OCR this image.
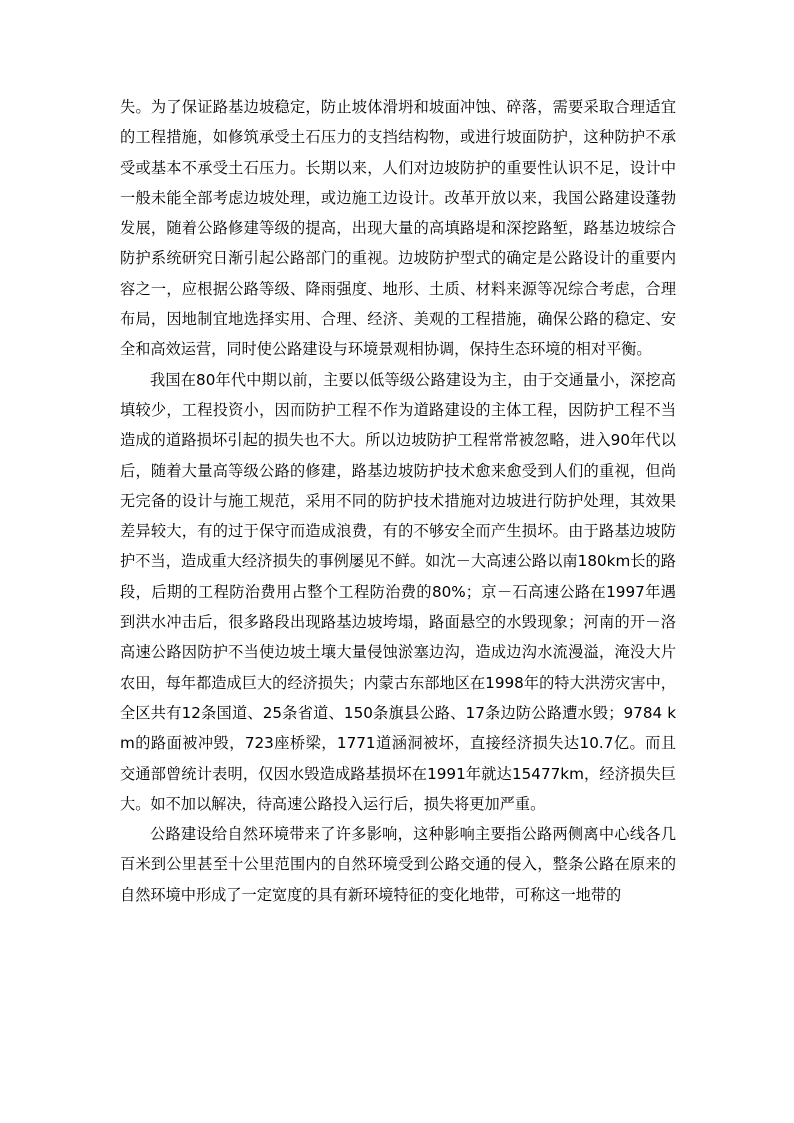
失。为了保证路基边坡稳定，防止坡体滑坍和坡面冲蚀、碎落，需要采取合理适宜的工程措施，如修筑承受土石压力的支挡结构物，或进行坡面防护，这种防护不承受或基本不承受土石压力。长期以来，人们对边坡防护的重要性认识不足，设计中一般未能全部考虑边坡处理，或边施工边设计。改革开放以来，我国公路建设蓬勃发展，随着公路修建等级的提高，出现大量的高填路堤和深挖路堑，路基边坡综合防护系统研究日渐引起公路部门的重视。边坡防护型式的确定是公路设计的重要内容之一，应根据公路等级、降雨强度、地形、土质、材料来源等况综合考虑，合理布局，因地制宜地选择实用、合理、经济、美观的工程措施，确保公路的稳定、安全和高效运营，同时使公路建设与环境景观相协调，保持生态环境的相对平衡。

我国在80年代中期以前，主要以低等级公路建设为主，由于交通量小，深挖高填较少，工程投资小，因而防护工程不作为道路建设的主体工程，因防护工程不当造成的道路损坏引起的损失也不大。所以边坡防护工程常常被忽略，进入90年代以后，随着大量高等级公路的修建，路基边坡防护技术愈来愈受到人们的重视，但尚无完备的设计与施工规范，采用不同的防护技术措施对边坡进行防护处理，其效果差异较大，有的过于保守而造成浪费，有的不够安全而产生损坏。由于路基边坡防护不当，造成重大经济损失的事例屡见不鲜。如沈－大高速公路以南180km长的路段，后期的工程防治费用占整个工程防治费的80%；京－石高速公路在1997年遇到洪水冲击后，很多路段出现路基边坡垮塌，路面悬空的水毁现象；河南的开－洛高速公路因防护不当使边坡土壤大量侵蚀淤塞边沟，造成边沟水流漫溢，淹没大片农田，每年都造成巨大的经济损失；内蒙古东部地区在1998年的特大洪涝灾害中，全区共有12条国道、25条省道、150条旗县公路、17条边防公路遭水毁；9784 km的路面被冲毁，723座桥梁，1771道涵洞被坏，直接经济损失达10.7亿。而且交通部曾统计表明，仅因水毁造成路基损坏在1991年就达15477km，经济损失巨大。如不加以解决，待高速公路投入运行后，损失将更加严重。

公路建设给自然环境带来了许多影响，这种影响主要指公路两侧离中心线各几百米到公里甚至十公里范围内的自然环境受到公路交通的侵入，整条公路在原来的自然环境中形成了一定宽度的具有新环境特征的变化地带，可称这一地带的
